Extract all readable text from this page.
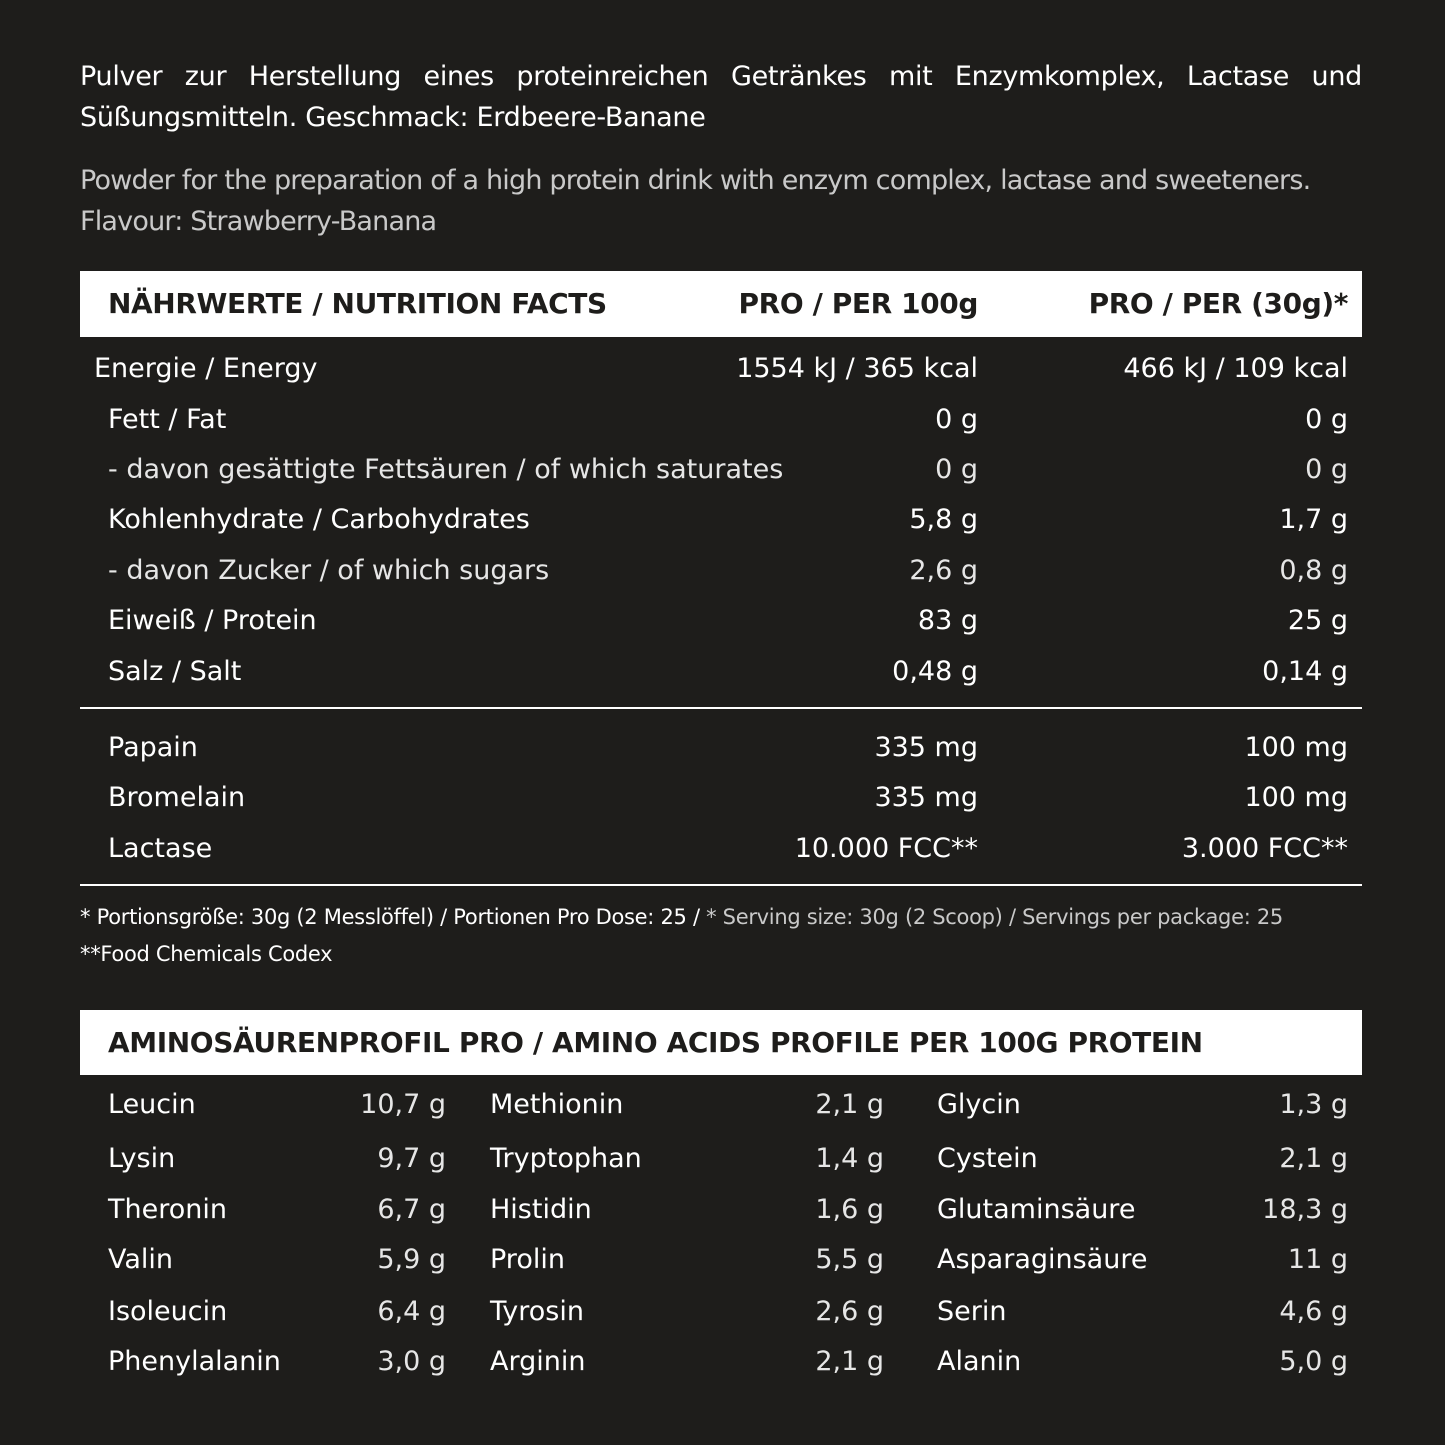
Pulver zur Herstellung eines proteinreichen Getränkes mit Enzymkomplex, Lactase und Süßungsmitteln. Geschmack: Erdbeere-Banane
Powder for the preparation of a high protein drink with enzym complex, lactase and sweeteners. Flavour: Strawberry-Banana
NÄHRWERTE / NUTRITION FACTS	PRO / PER 100g	PRO / PER (30g)*
Energie / Energy	1554 kJ / 365 kcal	466 kJ / 109 kcal
Fett / Fat	0 g	0 g
- davon gesättigte Fettsäuren / of which saturates	0 g	0 g
Kohlenhydrate / Carbohydrates	5,8 g	1,7 g
- davon Zucker / of which sugars	2,6 g	0,8 g
Eiweiß / Protein	83 g	25 g
Salz / Salt	0,48 g	0,14 g
Papain	335 mg	100 mg
Bromelain	335 mg	100 mg
Lactase	10.000 FCC**	3.000 FCC**
* Portionsgröße: 30g (2 Messlöffel) / Portionen Pro Dose: 25 / * Serving size: 30g (2 Scoop) / Servings per package: 25
**Food Chemicals Codex
AMINOSÄURENPROFIL PRO / AMINO ACIDS PROFILE PER 100G PROTEIN
Leucin	10,7 g Methionin	2,1 g Glycin	1,3 g
Lysin	9,7 g Tryptophan	1,4 g Cystein	2,1 g
Theronin	6,7 g Histidin	1,6 g Glutaminsäure	18,3 g
Valin	5,9 g Prolin	5,5 g Asparaginsäure	11 g
Isoleucin	6,4 g Tyrosin	2,6 g Serin	4,6 g
Phenylalanin	3,0 g Arginin	2,1 g Alanin	5,0 g
